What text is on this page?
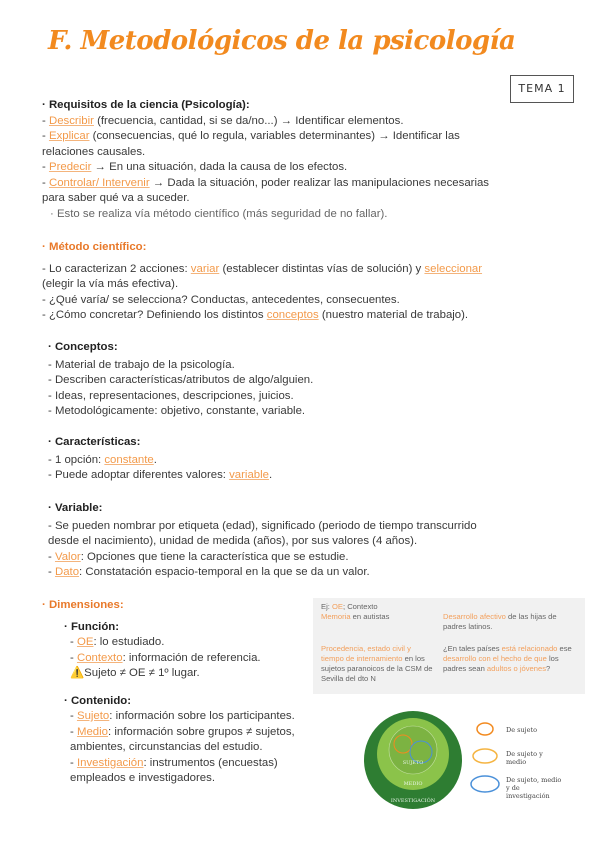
F. Metodológicos de la psicología
TEMA 1
· Requisitos de la ciencia (Psicología):
- Describir (frecuencia, cantidad, si se da/no...) → Identificar elementos.
- Explicar (consecuencias, qué lo regula, variables determinantes) → Identificar las
relaciones causales.
- Predecir → En una situación, dada la causa de los efectos.
- Controlar/ Intervenir → Dada la situación, poder realizar las manipulaciones necesarias
para saber qué va a suceder.
· Esto se realiza vía método científico (más seguridad de no fallar).
· Método científico:
- Lo caracterizan 2 acciones: variar (establecer distintas vías de solución) y seleccionar
(elegir la vía más efectiva).
- ¿Qué varía/ se selecciona? Conductas, antecedentes, consecuentes.
- ¿Cómo concretar? Definiendo los distintos conceptos (nuestro material de trabajo).
· Conceptos:
- Material de trabajo de la psicología.
- Describen características/atributos de algo/alguien.
- Ideas, representaciones, descripciones, juicios.
- Metodológicamente: objetivo, constante, variable.
· Características:
- 1 opción: constante.
- Puede adoptar diferentes valores: variable.
· Variable:
- Se pueden nombrar por etiqueta (edad), significado (periodo de tiempo transcurrido
desde el nacimiento), unidad de medida (años), por sus valores (4 años).
- Valor: Opciones que tiene la característica que se estudie.
- Dato: Constatación espacio-temporal en la que se da un valor.
· Dimensiones:
· Función:
- OE: lo estudiado.
- Contexto: información de referencia.
⚠️Sujeto ≠ OE ≠ 1º lugar.
· Contenido:
- Sujeto: información sobre los participantes.
- Medio: información sobre grupos ≠ sujetos,
ambientes, circunstancias del estudio.
- Investigación: instrumentos (encuestas)
empleados e investigadores.
Ej: OE; Contexto
Memoria en autistas	Desarrollo afectivo de las hijas de padres latinos.
Procedencia, estado civil y tiempo de internamiento en los sujetos paranoicos de la CSM de Sevilla del dto N
¿En tales países está relacionado ese desarrollo con el hecho de que los padres sean adultos o jóvenes?
SUJETO
MEDIO
INVESTIGACIÓN
De sujeto
De sujeto y medio
De sujeto, medio y de investigación
